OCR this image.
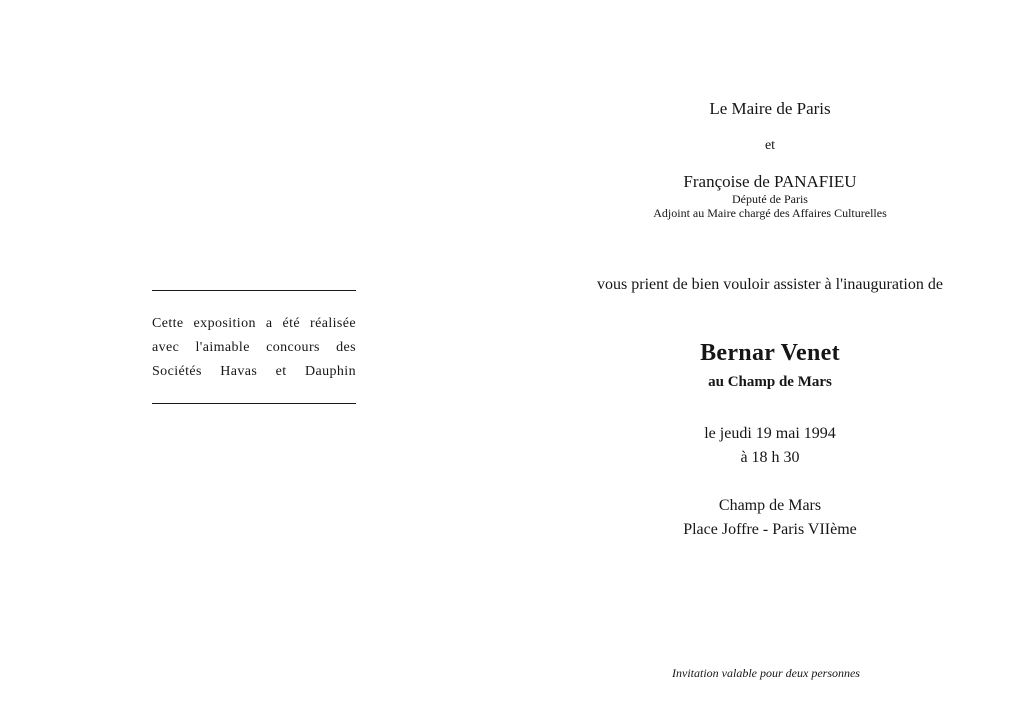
Cette exposition a été réalisée
avec l'aimable concours des
Sociétés Havas et Dauphin
Le Maire de Paris
et
Françoise de PANAFIEU
Député de Paris
Adjoint au Maire chargé des Affaires Culturelles
vous prient de bien vouloir assister à l'inauguration de
Bernar Venet
au Champ de Mars
le jeudi 19 mai 1994
à 18 h 30
Champ de Mars
Place Joffre - Paris VIIème
Invitation valable pour deux personnes
